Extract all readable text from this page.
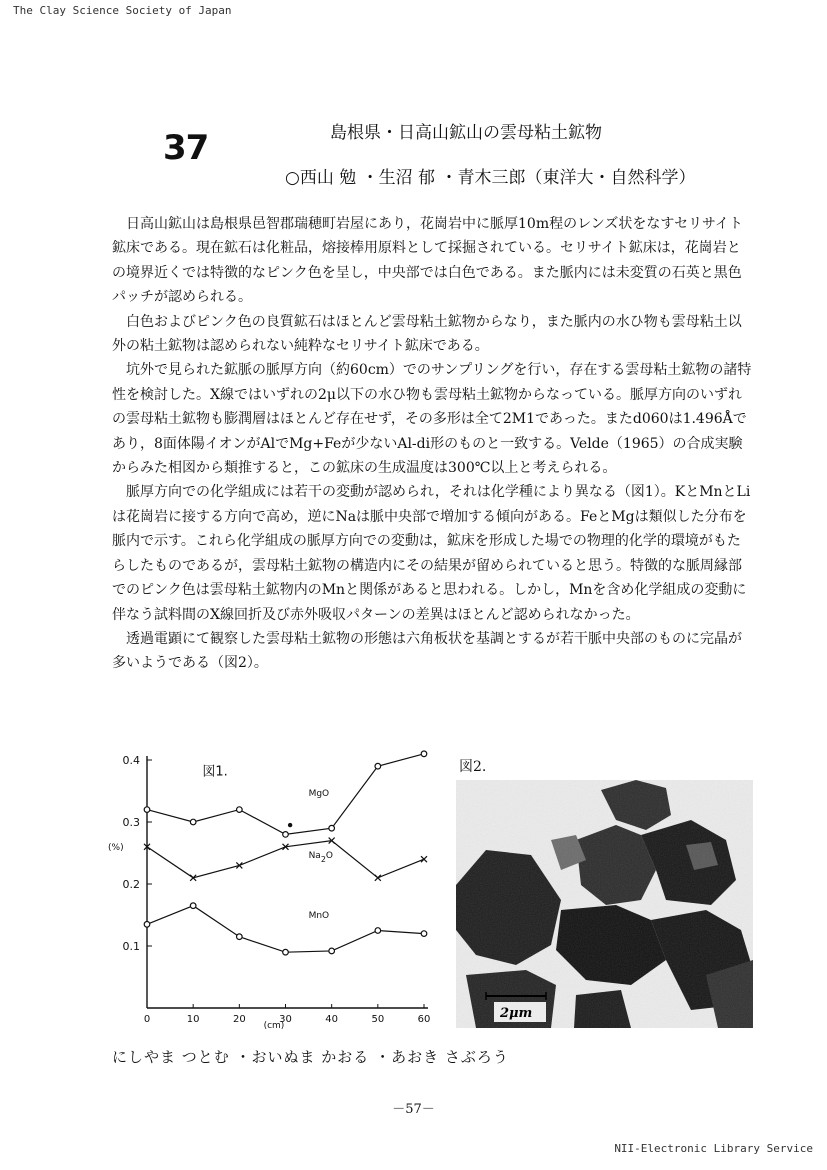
The Clay Science Society of Japan
37	島根県・日高山鉱山の雲母粘土鉱物
○西山 勉 ・生沼 郁 ・青木三郎（東洋大・自然科学）

日高山鉱山は島根県邑智郡瑞穂町岩屋にあり，花崗岩中に脈厚10m程のレンズ状をなすセリサイト鉱床である。現在鉱石は化粧品，熔接棒用原料として採掘されている。セリサイト鉱床は，花崗岩との境界近くでは特徴的なピンク色を呈し，中央部では白色である。また脈内には未変質の石英と黒色パッチが認められる。

白色およびピンク色の良質鉱石はほとんど雲母粘土鉱物からなり，また脈内の水ひ物も雲母粘土以外の粘土鉱物は認められない純粋なセリサイト鉱床である。

坑外で見られた鉱脈の脈厚方向（約60cm）でのサンプリングを行い，存在する雲母粘土鉱物の諸特性を検討した。X線ではいずれの2μ以下の水ひ物も雲母粘土鉱物からなっている。脈厚方向のいずれの雲母粘土鉱物も膨潤層はほとんど存在せず，その多形は全て2M1であった。またd060は1.496Åであり，8面体陽イオンがAlでMg+Feが少ないAl-di形のものと一致する。Velde（1965）の合成実験からみた相図から類推すると，この鉱床の生成温度は300℃以上と考えられる。

脈厚方向での化学組成には若干の変動が認められ，それは化学種により異なる（図1）。KとMnとLiは花崗岩に接する方向で高め，逆にNaは脈中央部で増加する傾向がある。FeとMgは類似した分布を脈内で示す。これら化学組成の脈厚方向での変動は，鉱床を形成した場での物理的化学的環境がもたらしたものであるが，雲母粘土鉱物の構造内にその結果が留められていると思う。特徴的な脈周縁部でのピンク色は雲母粘土鉱物内のMnと関係があると思われる。しかし，Mnを含め化学組成の変動に伴なう試料間のX線回折及び赤外吸収パターンの差異はほとんど認められなかった。

透過電顕にて観察した雲母粘土鉱物の形態は六角板状を基調とするが若干脈中央部のものに完晶が多いようである（図2）。

0	10	20	30	40	50	60
0.1
0.2
0.3
0.4
(%)
(cm)
図1.
MgO
Na2O
MnO
図2.
2μm
にしやま つとむ ・おいぬま かおる ・あおき さぶろう
－57－
NII-Electronic Library Service
